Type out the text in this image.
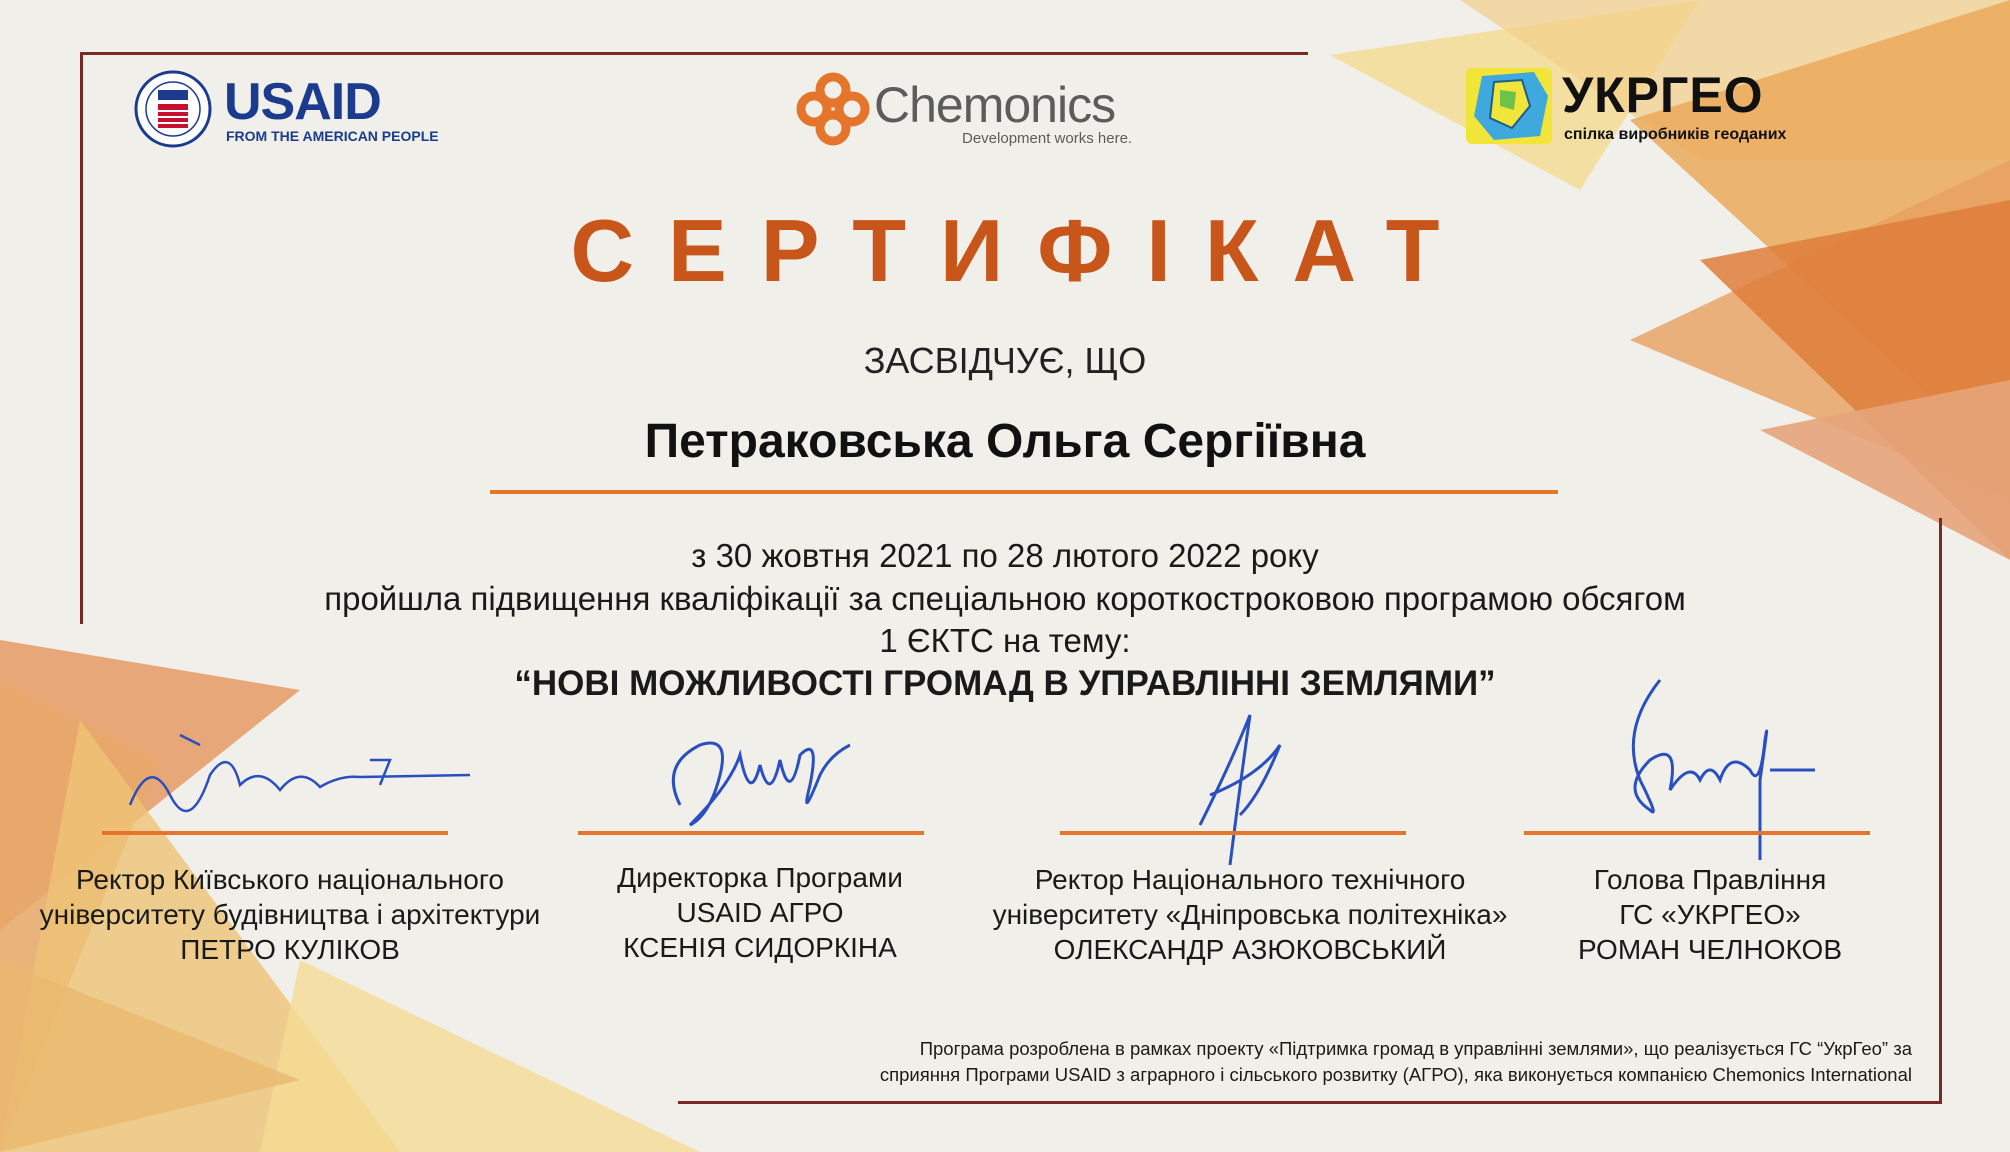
USAID
FROM THE AMERICAN PEOPLE
Chemonics
Development works here.
УКРГЕО
спілка виробників геоданих
СЕРТИФІКАТ
ЗАСВІДЧУЄ, ЩО
Петраковська Ольга Сергіївна
з 30 жовтня 2021 по 28 лютого 2022 року
пройшла підвищення кваліфікації за спеціальною короткостроковою програмою обсягом
1 ЄКТС на тему:
“НОВІ МОЖЛИВОСТІ ГРОМАД В УПРАВЛІННІ ЗЕМЛЯМИ”
Ректор Київського національного
університету будівництва і архітектури
ПЕТРО КУЛІКОВ
Директорка Програми
USAID АГРО
КСЕНІЯ СИДОРКІНА
Ректор Національного технічного
університету «Дніпровська політехніка»
ОЛЕКСАНДР АЗЮКОВСЬКИЙ
Голова Правління
ГС «УКРГЕО»
РОМАН ЧЕЛНОКОВ
Програма розроблена в рамках проекту «Підтримка громад в управлінні землями», що реалізується ГС “УкрГео” за
сприяння Програми USAID з аграрного і сільського розвитку (АГРО), яка виконується компанією Chemonics International
